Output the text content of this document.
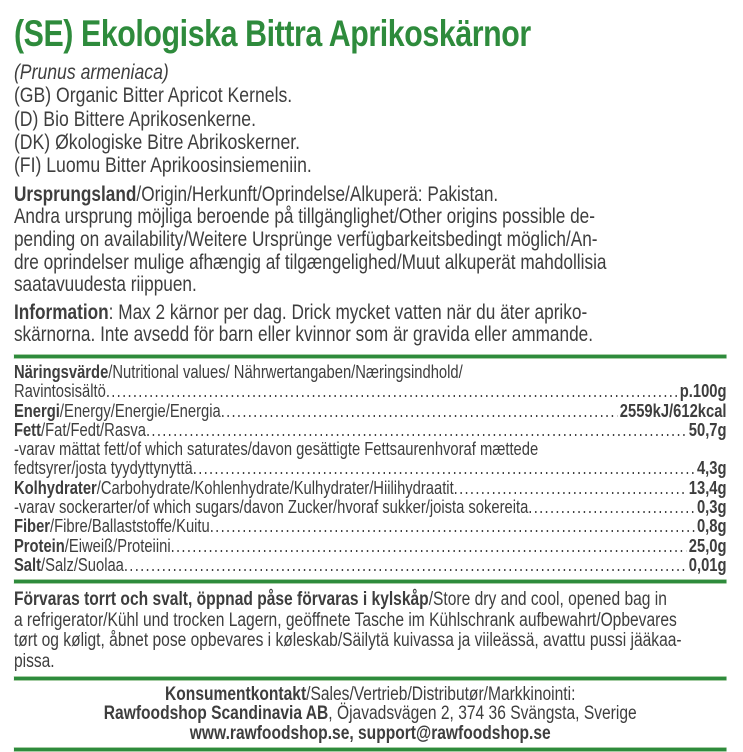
(SE) Ekologiska Bittra Aprikoskärnor
(Prunus armeniaca)
(GB) Organic Bitter Apricot Kernels.
(D) Bio Bittere Aprikosenkerne.
(DK) Økologiske Bitre Abrikoskerner.
(FI) Luomu Bitter Aprikoosinsiemeniin.
Ursprungsland/Origin/Herkunft/Oprindelse/Alkuperä: Pakistan.
Andra ursprung möjliga beroende på tillgänglighet/Other origins possible de-
pending on availability/Weitere Ursprünge verfügbarkeitsbedingt möglich/An-
dre oprindelser mulige afhængig af tilgængelighed/Muut alkuperät mahdollisia
saatavuudesta riippuen.
Information: Max 2 kärnor per dag. Drick mycket vatten när du äter apriko-
skärnorna. Inte avsedd för barn eller kvinnor som är gravida eller ammande.
Näringsvärde/Nutritional values/ Nährwertangaben/Næringsindhold/
Ravintosisältö .....	p.100g
Energi/Energy/Energie/Energia .....	2559kJ/612kcal
Fett/Fat/Fedt/Rasva .....	50,7g
-varav mättat fett/of which saturates/davon gesättigte Fettsaurenhvoraf mættede
fedtsyrer/josta tyydyttynyttä .....	4,3g
Kolhydrater/Carbohydrate/Kohlenhydrate/Kulhydrater/Hiilihydraatit .....	13,4g
-varav sockerarter/of which sugars/davon Zucker/hvoraf sukker/joista sokereita .....	0,3g
Fiber/Fibre/Ballaststoffe/Kuitu .....	0,8g
Protein/Eiweiß/Proteiini .....	25,0g
Salt/Salz/Suolaa .....	0,01g
Förvaras torrt och svalt, öppnad påse förvaras i kylskåp/Store dry and cool, opened bag in
a refrigerator/Kühl und trocken Lagern, geöffnete Tasche im Kühlschrank aufbewahrt/Opbevares
tørt og køligt, åbnet pose opbevares i køleskab/Säilytä kuivassa ja viileässä, avattu pussi jääkaa-
pissa.
Konsumentkontakt/Sales/Vertrieb/Distributør/Markkinointi:
Rawfoodshop Scandinavia AB, Öjavadsvägen 2, 374 36 Svängsta, Sverige
www.rawfoodshop.se, support@rawfoodshop.se
